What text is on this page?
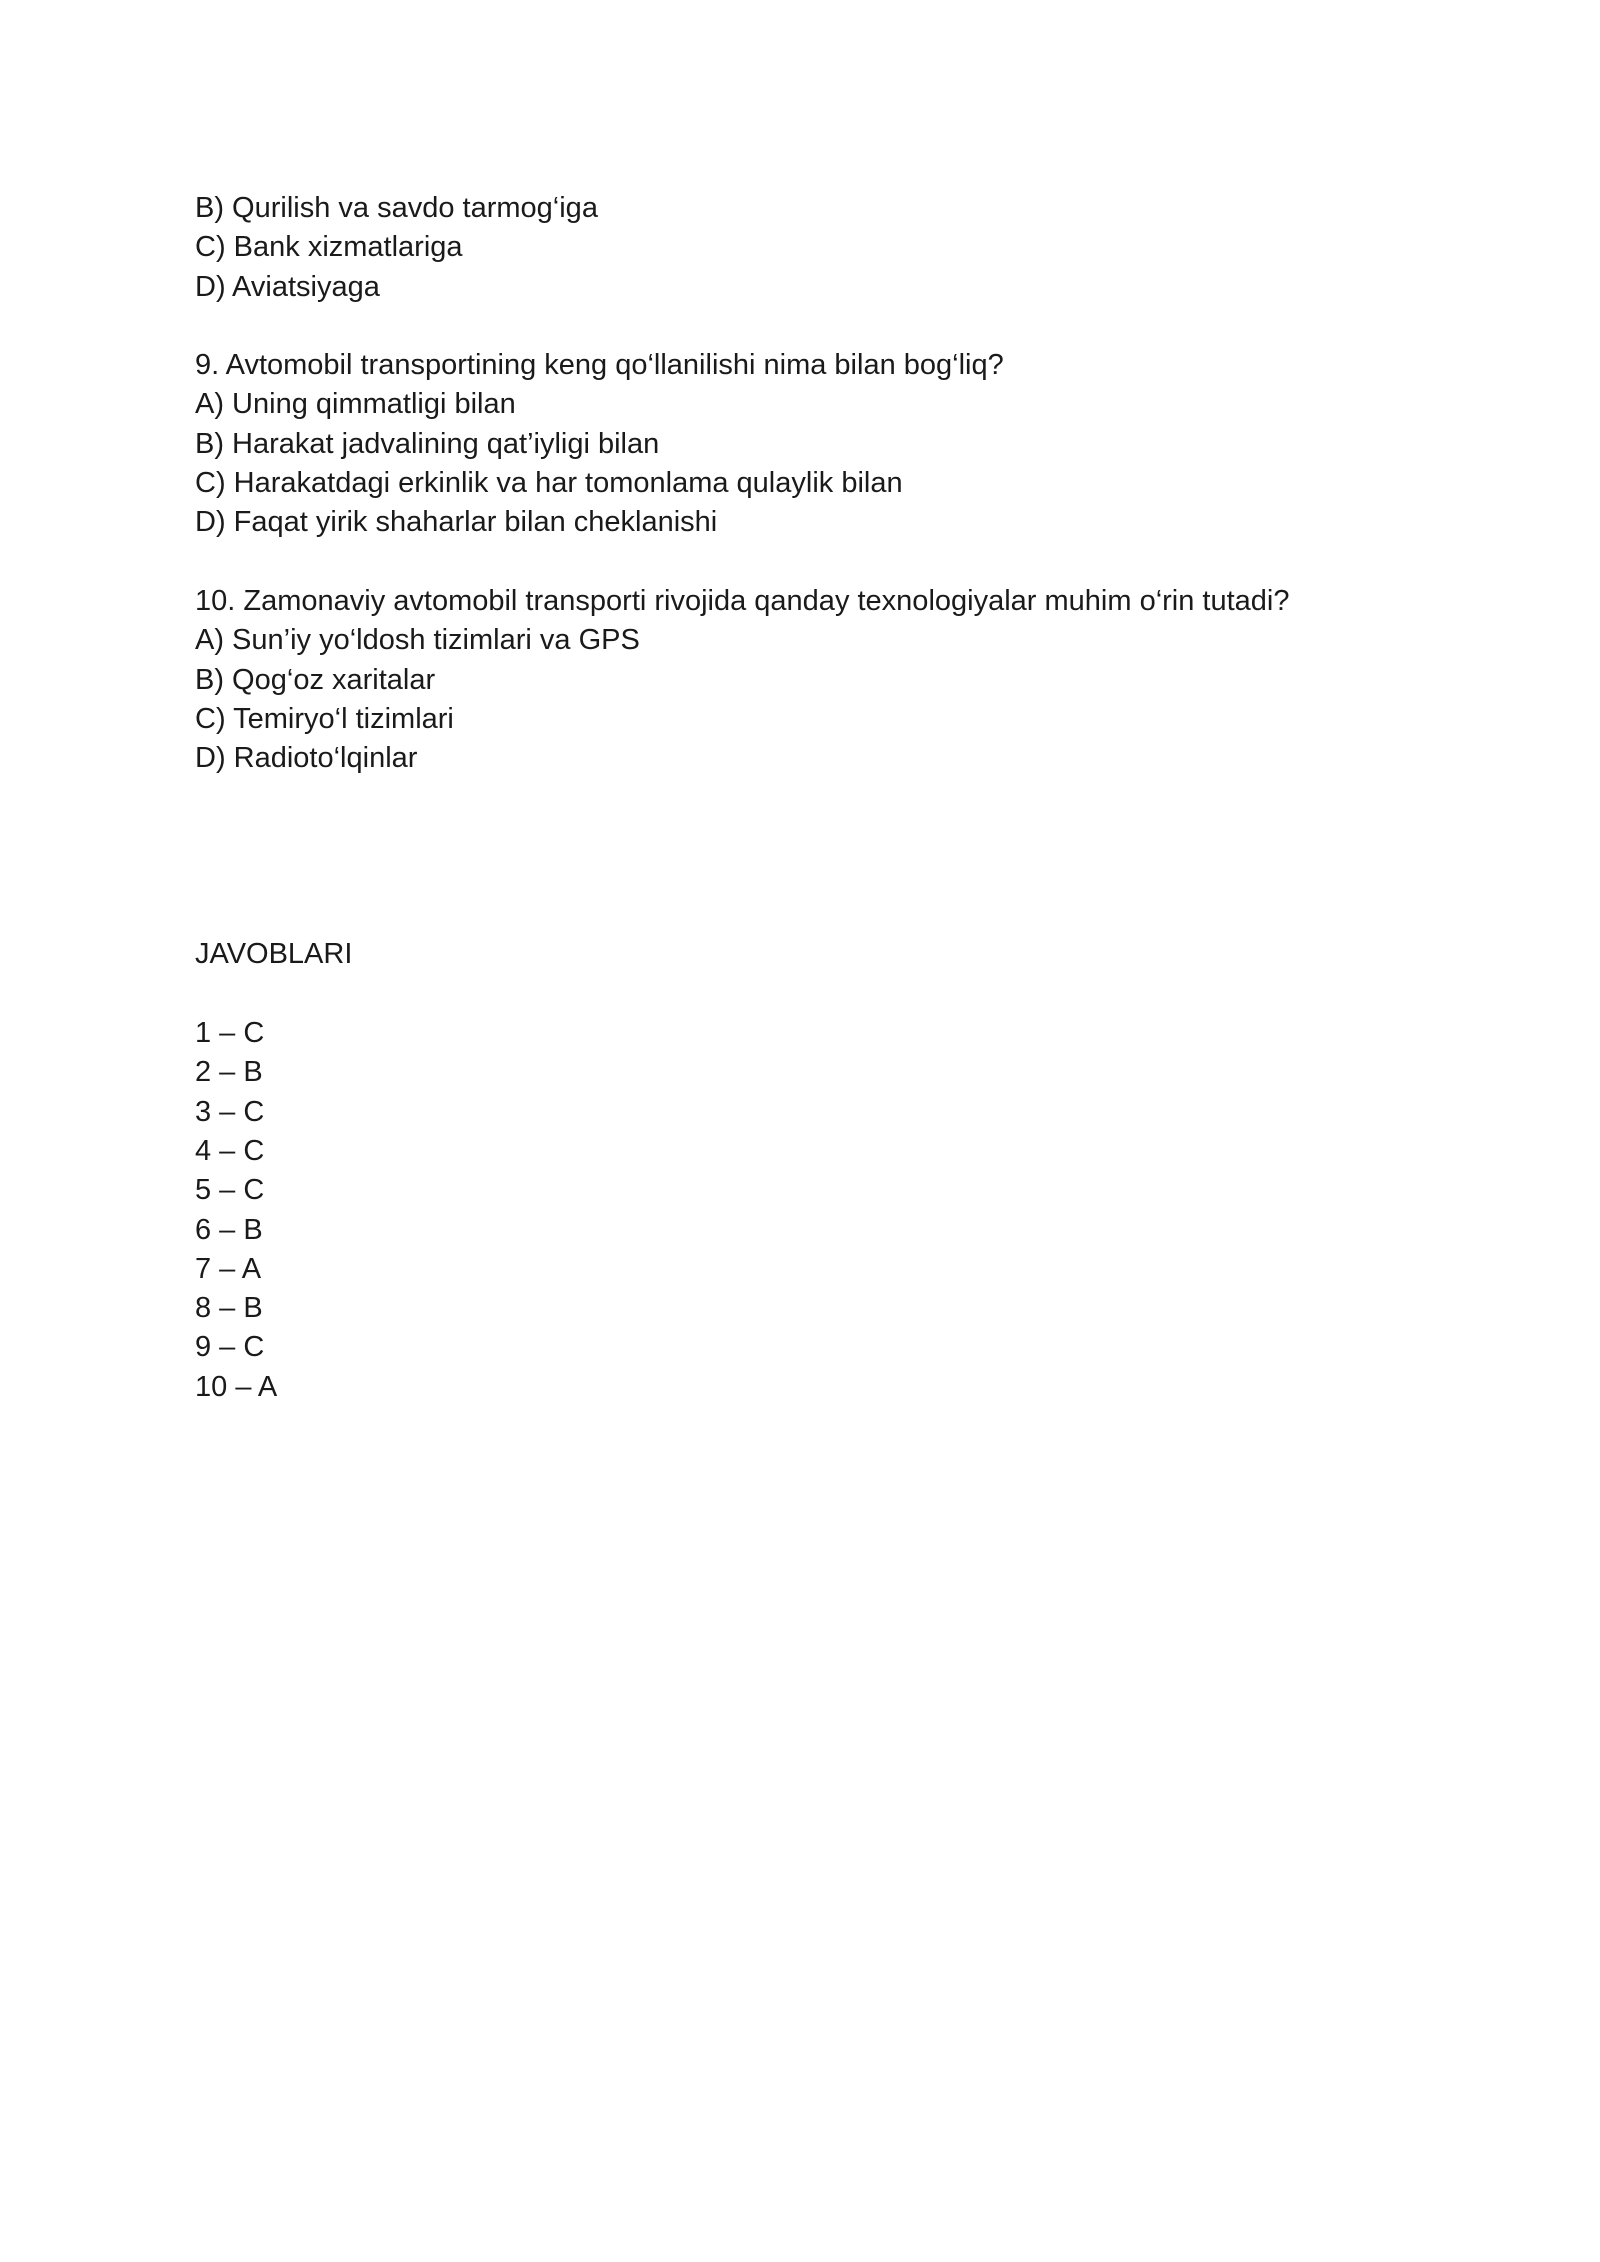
B) Qurilish va savdo tarmog‘iga
C) Bank xizmatlariga
D) Aviatsiyaga
9. Avtomobil transportining keng qo‘llanilishi nima bilan bog‘liq?
A) Uning qimmatligi bilan
B) Harakat jadvalining qat’iyligi bilan
C) Harakatdagi erkinlik va har tomonlama qulaylik bilan
D) Faqat yirik shaharlar bilan cheklanishi
10. Zamonaviy avtomobil transporti rivojida qanday texnologiyalar muhim o‘rin tutadi?
A) Sun’iy yo‘ldosh tizimlari va GPS
B) Qog‘oz xaritalar
C) Temiryo‘l tizimlari
D) Radioto‘lqinlar
JAVOBLARI
1 – C
2 – B
3 – C
4 – C
5 – C
6 – B
7 – A
8 – B
9 – C
10 – A
